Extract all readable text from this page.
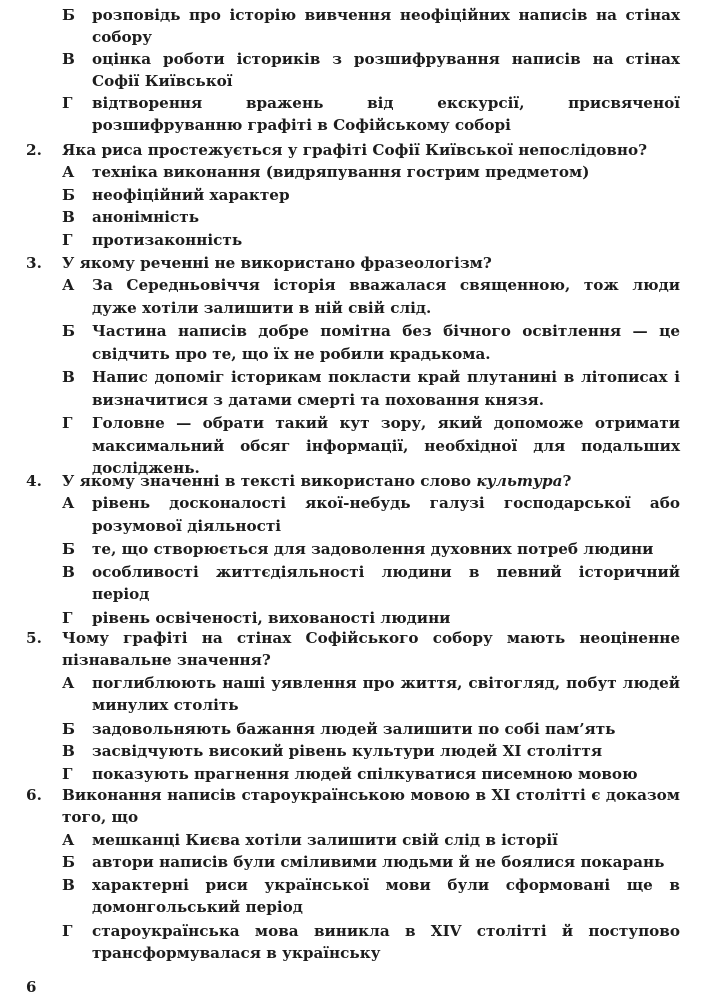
Б	розповідь про історію вивчення неофіційних написів на стінах собору
В	оцінка роботи істориків з розшифрування написів на стінах Софії Київської
Г	відтворення вражень від екскурсії, присвяченої розшифруванню графіті в Софійському соборі
2. Яка риса простежується у графіті Софії Київської непослідовно?
А	техніка виконання (видряпування гострим предметом)
Б	неофіційний характер
В	анонімність
Г	протизаконність
3. У якому реченні не використано фразеологізм?
А	За Середньовіччя історія вважалася священною, тож люди дуже хотіли залишити в ній свій слід.
Б	Частина написів добре помітна без бічного освітлення — це свідчить про те, що їх не робили крадькома.
В	Напис допоміг історикам покласти край плутанині в літописах і визначитися з датами смерті та поховання князя.
Г	Головне — обрати такий кут зору, який допоможе отримати максимальний обсяг інформації, необхідної для подальших досліджень.
4. У якому значенні в тексті використано слово культура?
А	рівень досконалості якої-небудь галузі господарської або розумової діяльності
Б	те, що створюється для задоволення духовних потреб людини
В	особливості життєдіяльності людини в певний історичний період
Г	рівень освіченості, вихованості людини
5. Чому графіті на стінах Софійського собору мають неоціненне пізнавальне значення?
А	поглиблюють наші уявлення про життя, світогляд, побут людей минулих століть
Б	задовольняють бажання людей залишити по собі пам’ять
В	засвідчують високий рівень культури людей XI століття
Г	показують прагнення людей спілкуватися писемною мовою
6. Виконання написів староукраїнською мовою в XI столітті є доказом того, що
А	мешканці Києва хотіли залишити свій слід в історії
Б	автори написів були сміливими людьми й не боялися покарань
В	характерні риси української мови були сформовані ще в домонгольський період
Г	староукраїнська мова виникла в XIV столітті й поступово трансформувалася в українську
6
